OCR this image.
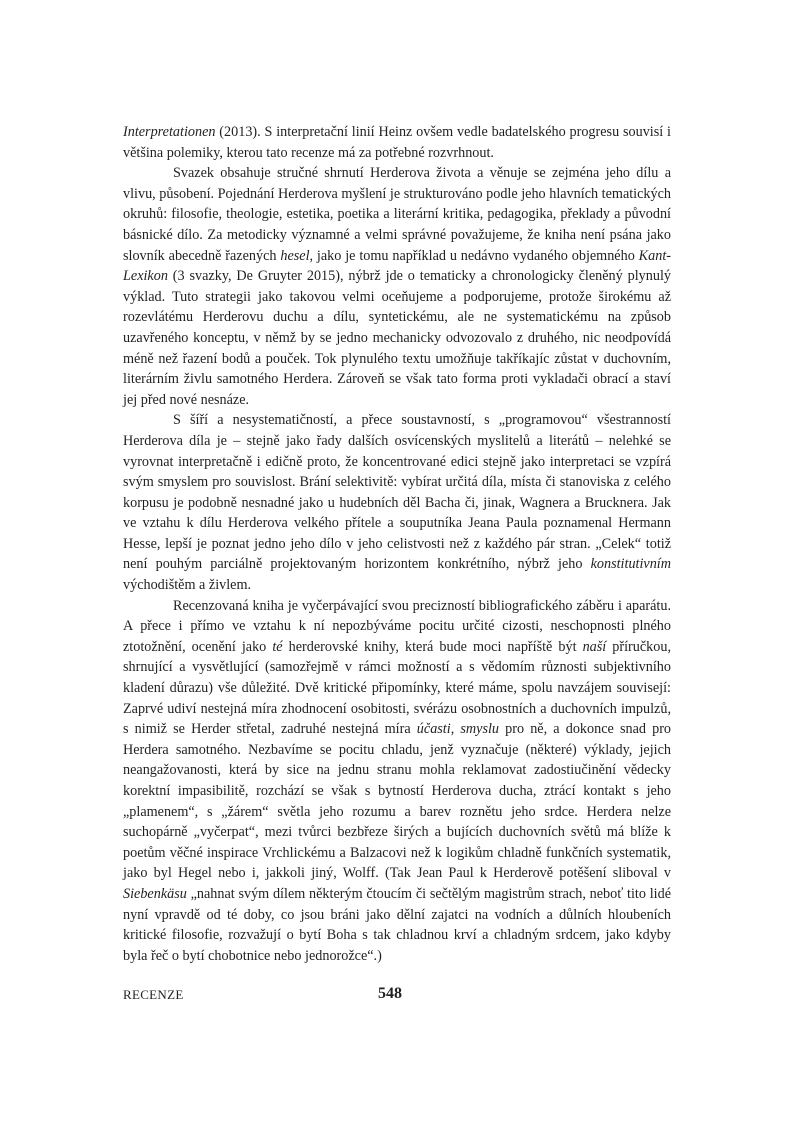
Interpretationen (2013). S interpretační linií Heinz ovšem vedle badatelského progresu souvisí i většina polemiky, kterou tato recenze má za potřebné rozvrhnout.

Svazek obsahuje stručné shrnutí Herderova života a věnuje se zejména jeho dílu a vlivu, působení. Pojednání Herderova myšlení je strukturováno podle jeho hlavních tematických okruhů: filosofie, theologie, estetika, poetika a literární kritika, pedagogika, překlady a původní básnické dílo. Za metodicky významné a velmi správné považujeme, že kniha není psána jako slovník abecedně řazených hesel, jako je tomu například u nedávno vydaného objemného Kant-Lexikon (3 svazky, De Gruyter 2015), nýbrž jde o tematicky a chronologicky členěný plynulý výklad. Tuto strategii jako takovou velmi oceňujeme a podporujeme, protože širokému až rozevlátému Herderovu duchu a dílu, syntetickému, ale ne systematickému na způsob uzavřeného konceptu, v němž by se jedno mechanicky odvozovalo z druhého, nic neodpovídá méně než řazení bodů a pouček. Tok plynulého textu umožňuje takříkajíc zůstat v duchovním, literárním živlu samotného Herdera. Zároveň se však tato forma proti vykladači obrací a staví jej před nové nesnáze.

S šíří a nesystematičností, a přece soustavností, s „programovou“ všestranností Herderova díla je – stejně jako řady dalších osvícenských myslitelů a literátů – nelehké se vyrovnat interpretačně i edičně proto, že koncentrované edici stejně jako interpretaci se vzpírá svým smyslem pro souvislost. Brání selektivitě: vybírat určitá díla, místa či stanoviska z celého korpusu je podobně nesnadné jako u hudebních děl Bacha či, jinak, Wagnera a Brucknera. Jak ve vztahu k dílu Herderova velkého přítele a souputníka Jeana Paula poznamenal Hermann Hesse, lepší je poznat jedno jeho dílo v jeho celistvosti než z každého pár stran. „Celek“ totiž není pouhým parciálně projektovaným horizontem konkrétního, nýbrž jeho konstitutivním východištěm a živlem.

Recenzovaná kniha je vyčerpávající svou precizností bibliografického záběru i aparátu. A přece i přímo ve vztahu k ní nepozbýváme pocitu určité cizosti, neschopnosti plného ztotožnění, ocenění jako té herderovské knihy, která bude moci napříště být naší příručkou, shrnující a vysvětlující (samozřejmě v rámci možností a s vědomím různosti subjektivního kladení důrazu) vše důležité. Dvě kritické připomínky, které máme, spolu navzájem souvisejí: Zaprvé udiví nestejná míra zhodnocení osobitosti, svérázu osobnostních a duchovních impulzů, s nimiž se Herder střetal, zadruhé nestejná míra účasti, smyslu pro ně, a dokonce snad pro Herdera samotného. Nezbavíme se pocitu chladu, jenž vyznačuje (některé) výklady, jejich neangažovanosti, která by sice na jednu stranu mohla reklamovat zadostiučinění vědecky korektní impasibilitě, rozchází se však s bytností Herderova ducha, ztrácí kontakt s jeho „plamenem“, s „žárem“ světla jeho rozumu a barev roznětu jeho srdce. Herdera nelze suchopárně „vyčerpat“, mezi tvůrci bezbřeze širých a bujících duchovních světů má blíže k poetům věčné inspirace Vrchlickému a Balzacovi než k logikům chladně funkčních systematik, jako byl Hegel nebo i, jakkoli jiný, Wolff. (Tak Jean Paul k Herderově potěšení sliboval v Siebenkäsu „nahnat svým dílem některým čtoucím či sečtělým magistrům strach, neboť tito lidé nyní vpravdě od té doby, co jsou bráni jako dělní zajatci na vodních a důlních hloubeních kritické filosofie, rozvažují o bytí Boha s tak chladnou krví a chladným srdcem, jako kdyby byla řeč o bytí chobotnice nebo jednorožce“.)

RECENZE	548
